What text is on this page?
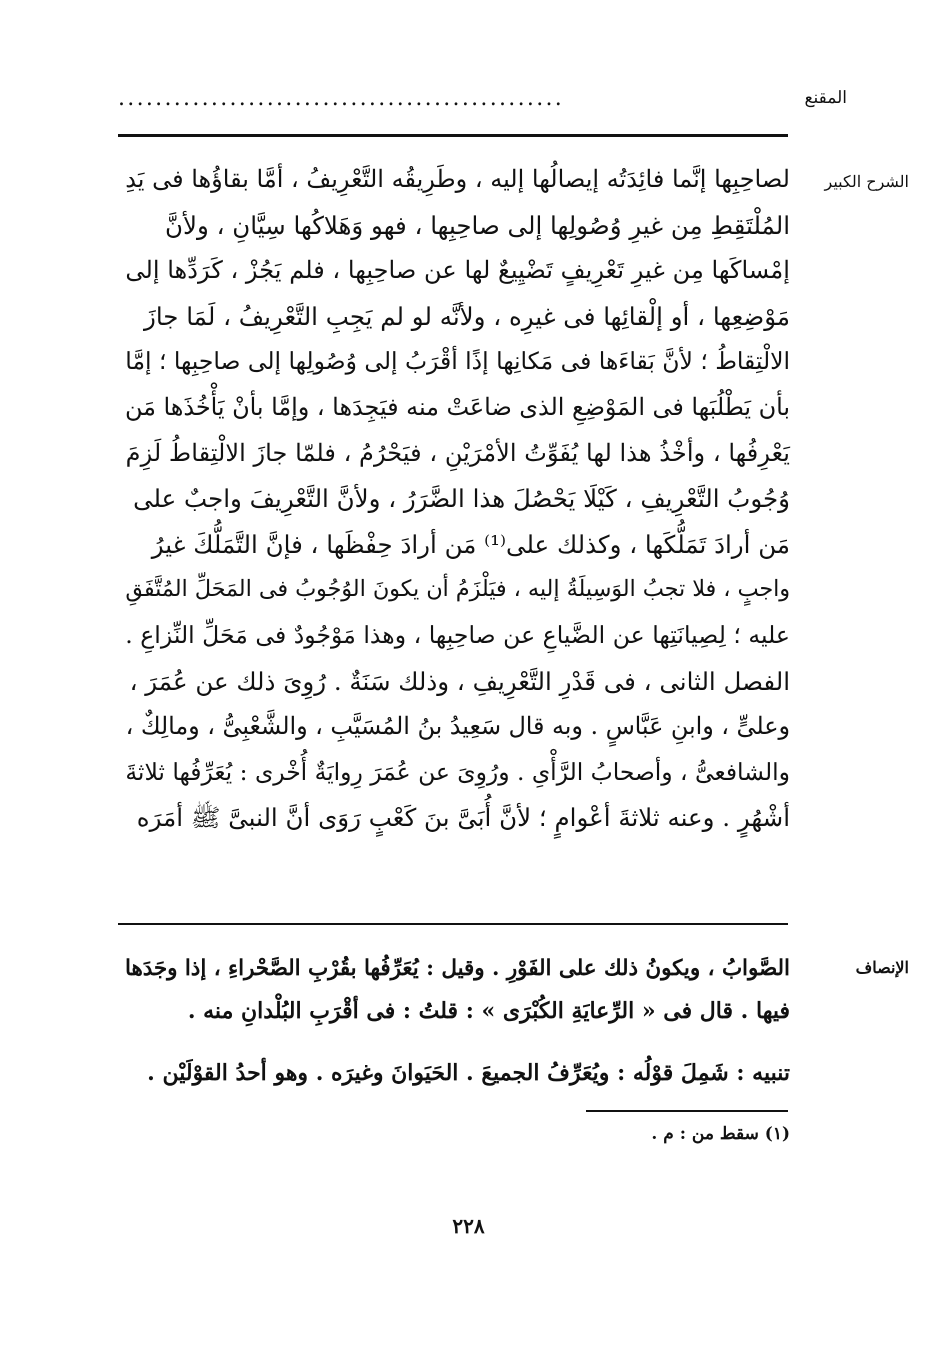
المقنع
................................................
الشرح الكبير
لصاحِبِها إنَّما فائِدَتُه إيصالُها إليه ، وطَرِيقُه التَّعْرِيفُ ، أمَّا بقاؤُها فى يَدِ
المُلْتَقِطِ مِن غيرِ وُصُولِها إلى صاحِبِها ، فهو وَهَلاكُها سِيَّانِ ، ولأنَّ
إمْساكَها مِن غيرِ تَعْرِيفٍ تَضْيِيعٌ لها عن صاحِبِها ، فلم يَجُزْ ، كَرَدِّها إلى
مَوْضِعِها ، أو إلْقائِها فى غيرِه ، ولأنَّه لو لم يَجِبِ التَّعْرِيفُ ، لَمَا جازَ
الالْتِقاطُ ؛ لأنَّ بَقاءَها فى مَكانِها إذًا أقْرَبُ إلى وُصُولِها إلى صاحِبِها ؛ إمَّا
بأن يَطْلُبَها فى المَوْضِعِ الذى ضاعَتْ منه فيَجِدَها ، وإمَّا بأنْ يَأْخُذَها مَن
يَعْرِفُها ، وأخْذُ هذا لها يُفَوِّتُ الأمْرَيْنِ ، فيَحْرُمُ ، فلمّا جازَ الالْتِقاطُ لَزِمَ
وُجُوبُ التَّعْرِيفِ ، كَيْلَا يَحْصُلَ هذا الضَّرَرُ ، ولأنَّ التَّعْرِيفَ واجبٌ على
مَن أرادَ تَمَلُّكَها ، وكذلك على⁽¹⁾ مَن أرادَ حِفْظَها ، فإنَّ التَّمَلُّكَ غيرُ
واجبٍ ، فلا تجبُ الوَسِيلَةُ إليه ، فيَلْزَمُ أن يكونَ الوُجُوبُ فى المَحَلِّ المُتَّفَقِ
عليه ؛ لِصِيانَتِها عن الضَّياعِ عن صاحِبِها ، وهذا مَوْجُودٌ فى مَحَلِّ النِّزاعِ .
الفصل الثانى ، فى قَدْرِ التَّعْرِيفِ ، وذلك سَنَةٌ . رُوِىَ ذلك عن عُمَرَ ،
وعلىٍّ ، وابنِ عَبَّاسٍ . وبه قال سَعِيدُ بنُ المُسَيَّبِ ، والشَّعْبِىُّ ، ومالِكٌ ،
والشافعىُّ ، وأصحابُ الرَّأْىِ . ورُوِىَ عن عُمَرَ رِوايَةٌ أُخْرى : يُعَرِّفُها ثلاثةَ
أشْهُرٍ . وعنه ثلاثةَ أعْوامٍ ؛ لأنَّ أُبَىَّ بنَ كَعْبٍ رَوَى أنَّ النبىَّ ﷺ أمَرَه
الإنصاف
الصَّوابُ ، ويكونُ ذلك على الفَوْرِ . وقيل : يُعَرِّفُها بقُرْبِ الصَّحْراءِ ، إذا وجَدَها
فيها . قال فى « الرِّعايَةِ الكُبْرَى » : قلتُ : فى أقْرَبِ البُلْدانِ منه .
تنبيه : شَمِلَ قوْلُه : ويُعَرِّفُ الجميعَ . الحَيَوانَ وغيرَه . وهو أحدُ القوْلَيْن .
(١) سقط من : م .
٢٢٨
